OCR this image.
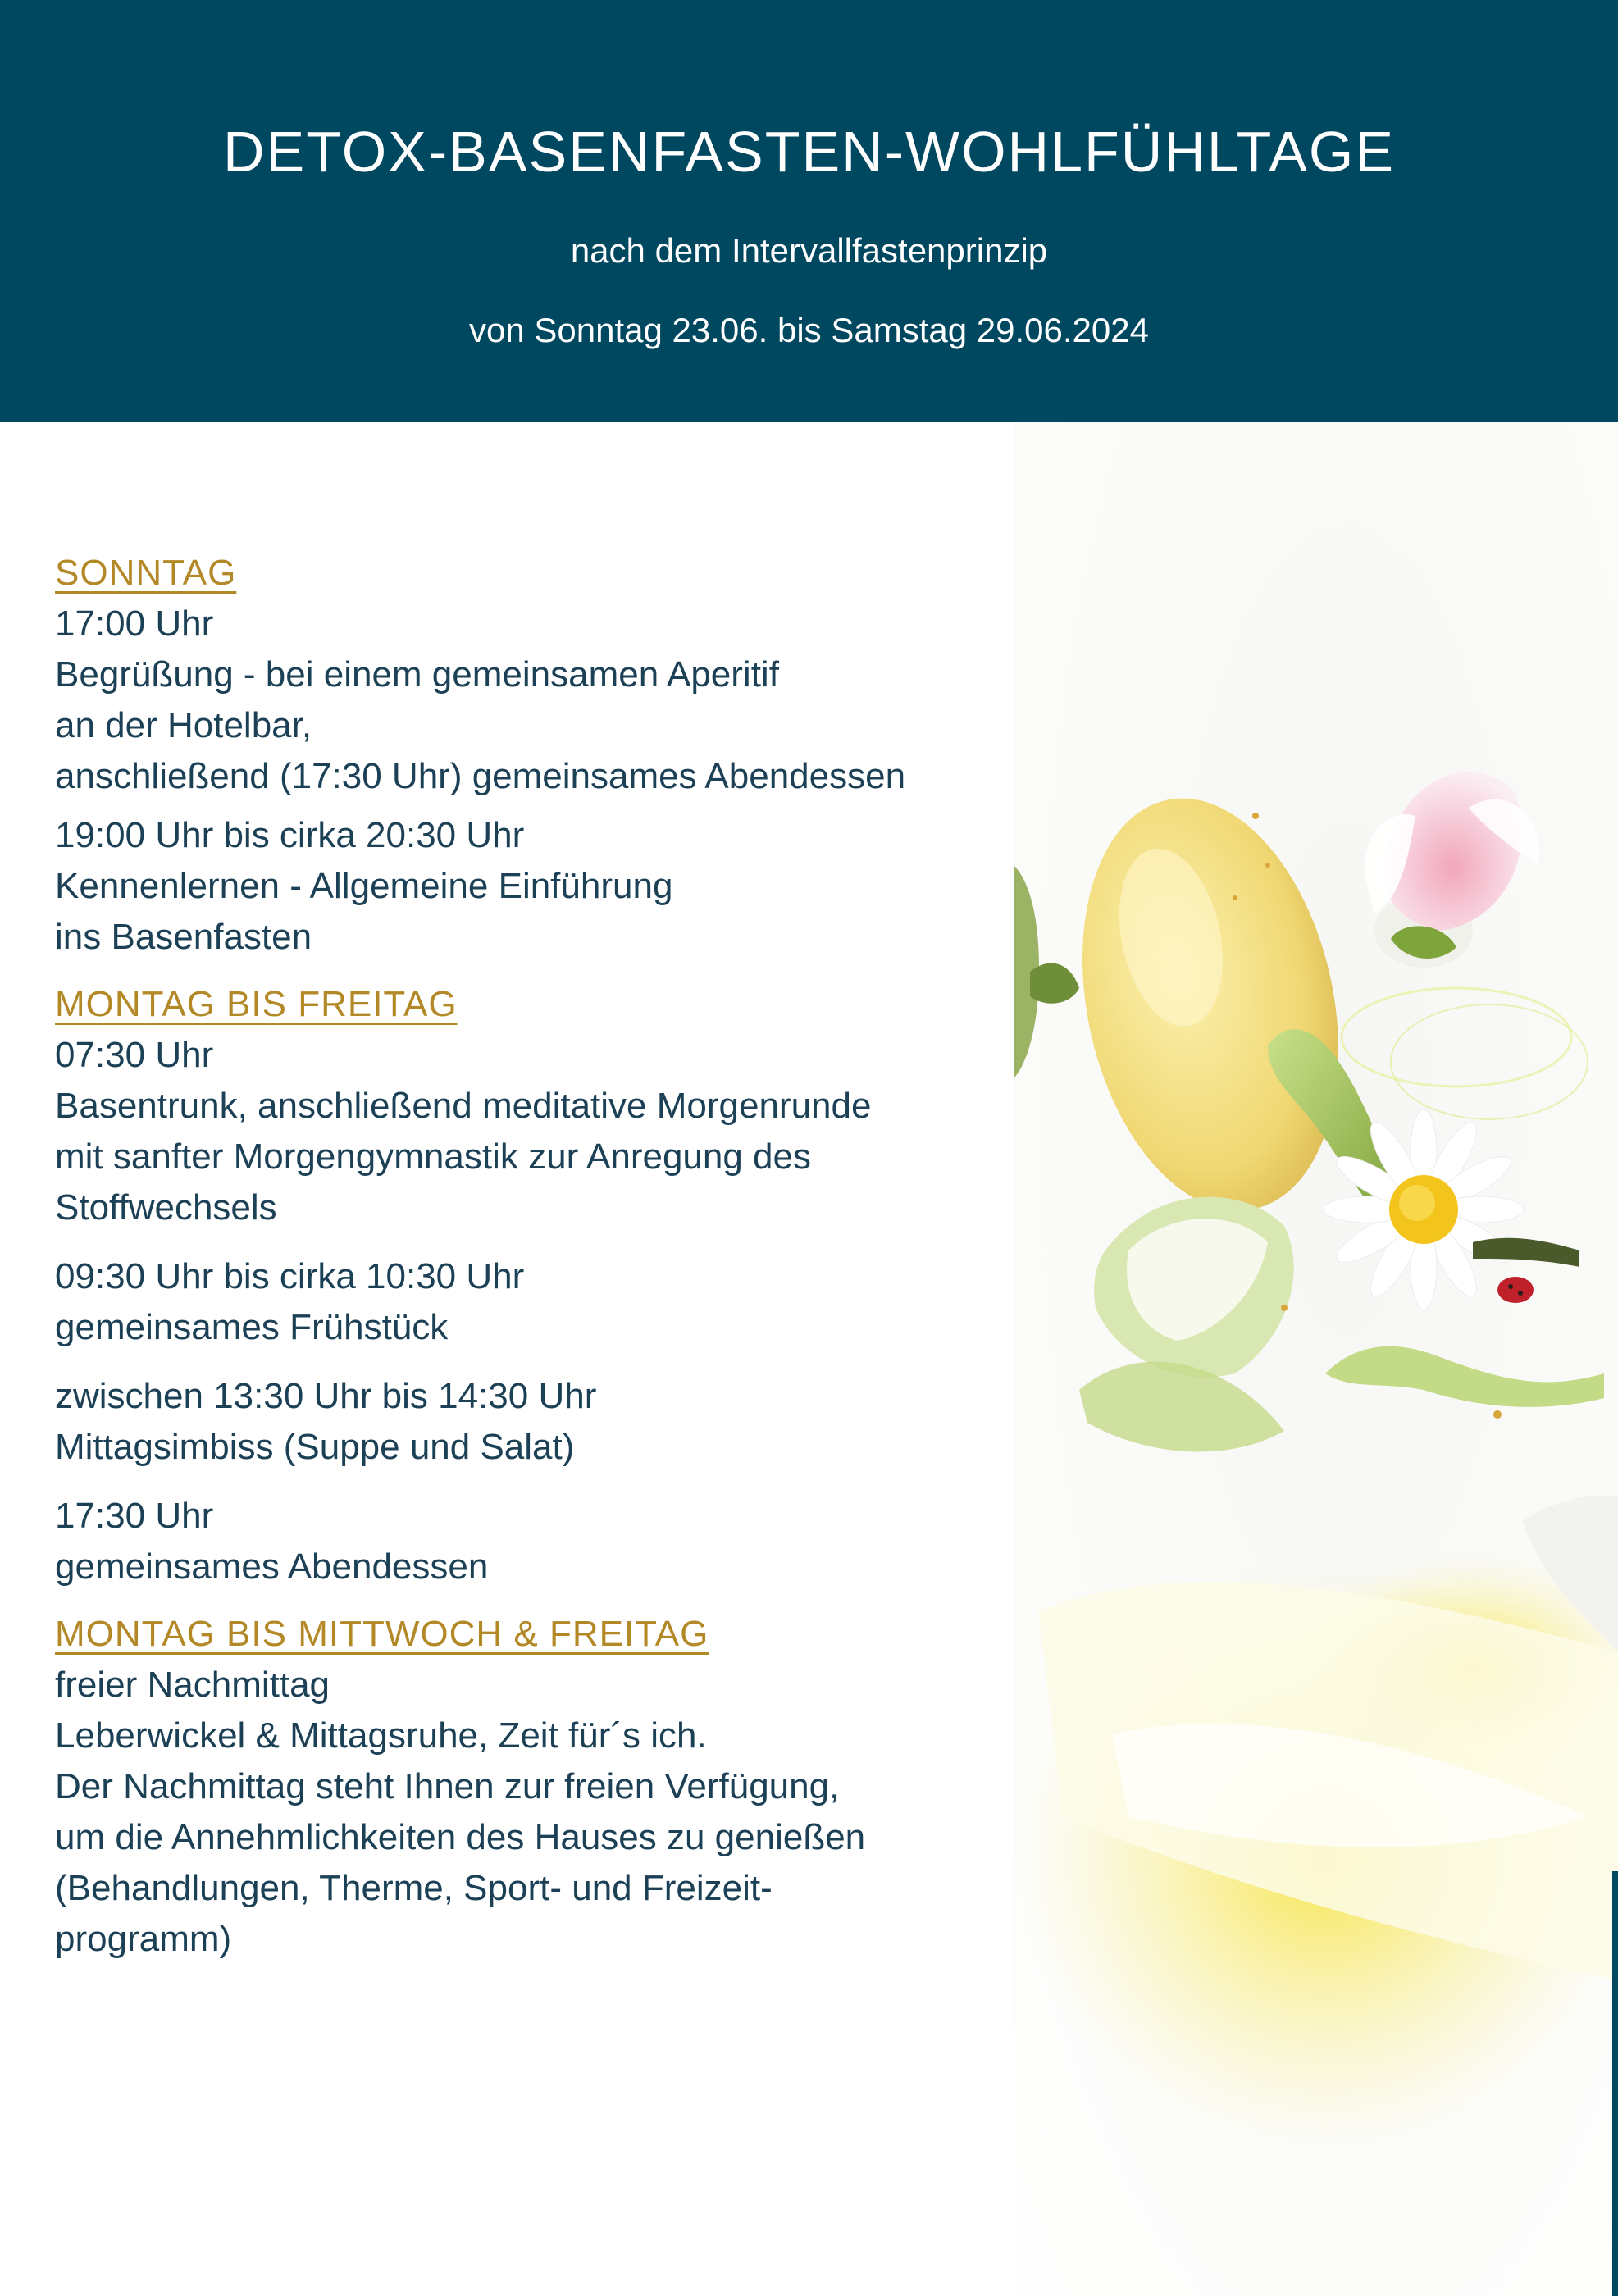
DETOX-BASENFASTEN-WOHLFÜHLTAGE
nach dem Intervallfastenprinzip
von Sonntag 23.06. bis Samstag 29.06.2024

SONNTAG

17:00 Uhr
Begrüßung - bei einem gemeinsamen Aperitif
an der Hotelbar,
anschließend (17:30 Uhr) gemeinsames Abendessen
19:00 Uhr bis cirka 20:30 Uhr
Kennenlernen - Allgemeine Einführung
ins Basenfasten

MONTAG BIS FREITAG

07:30 Uhr
Basentrunk, anschließend meditative Morgenrunde
mit sanfter Morgengymnastik zur Anregung des
Stoffwechsels
09:30 Uhr bis cirka 10:30 Uhr
gemeinsames Frühstück
zwischen 13:30 Uhr bis 14:30 Uhr
Mittagsimbiss (Suppe und Salat)
17:30 Uhr
gemeinsames Abendessen

MONTAG BIS MITTWOCH & FREITAG

freier Nachmittag
Leberwickel & Mittagsruhe, Zeit für´s ich.
Der Nachmittag steht Ihnen zur freien Verfügung,
um die Annehmlichkeiten des Hauses zu genießen
(Behandlungen, Therme, Sport- und Freizeit-
programm)
